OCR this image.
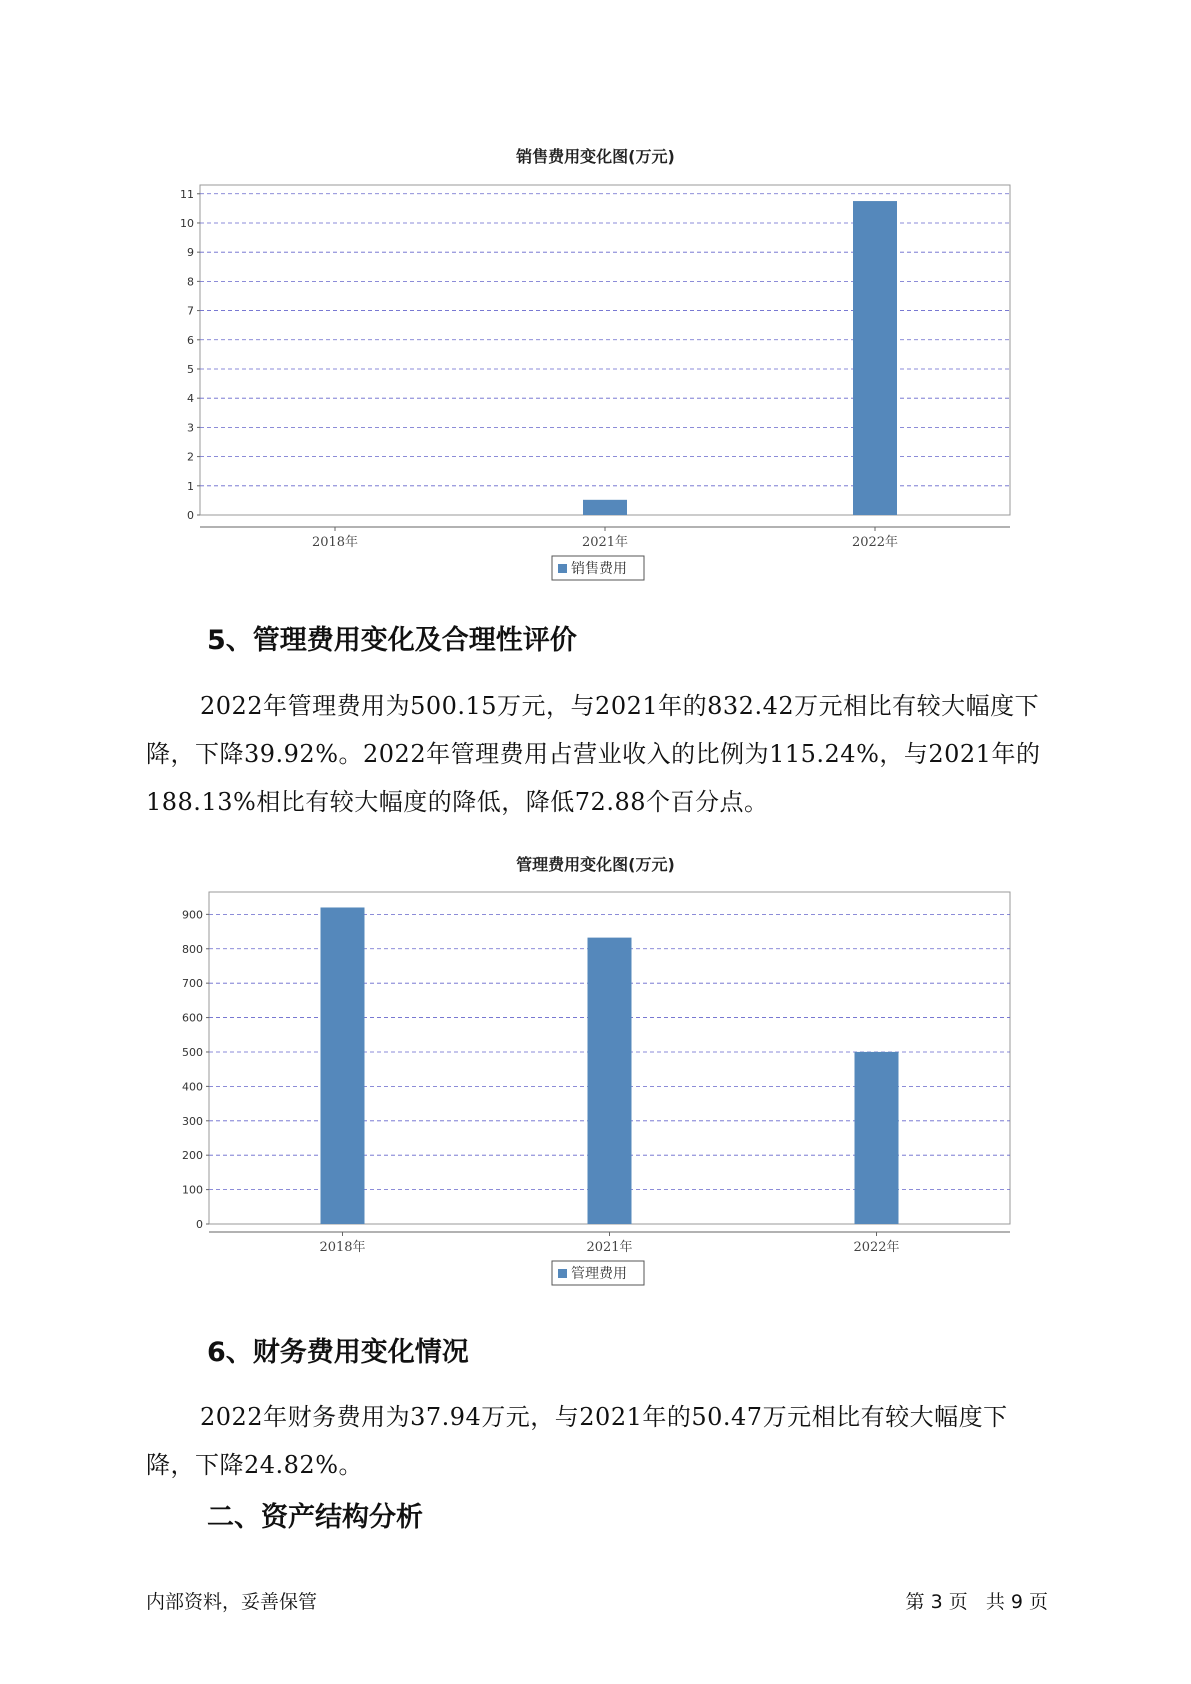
销售费用变化图(万元)
0
1
2
3
4
5
6
7
8
9
10
11
2018年	2021年	2022年
销售费用
5、管理费用变化及合理性评价
2022年管理费用为500.15万元，与2021年的832.42万元相比有较大幅度下降，下降39.92%。2022年管理费用占营业收入的比例为115.24%，与2021年的188.13%相比有较大幅度的降低，降低72.88个百分点。
管理费用变化图(万元)
0
100
200
300
400
500
600
700
800
900
2018年	2021年	2022年
管理费用
6、财务费用变化情况
2022年财务费用为37.94万元，与2021年的50.47万元相比有较大幅度下降，下降24.82%。
二、资产结构分析
内部资料，妥善保管	第 3 页   共 9 页
